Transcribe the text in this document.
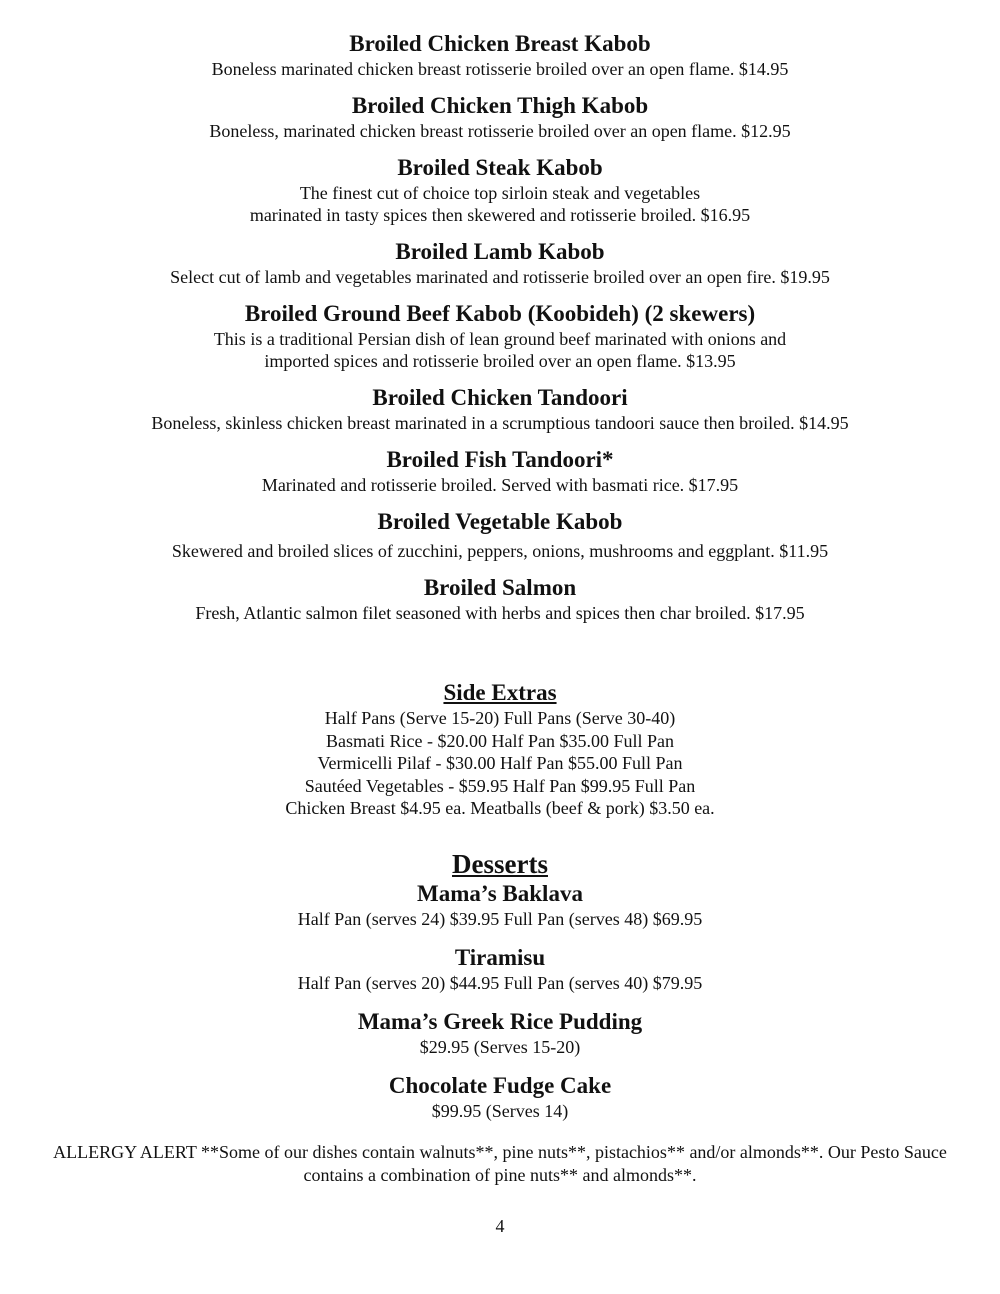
Broiled Chicken Breast Kabob

Boneless marinated chicken breast rotisserie broiled over an open flame. $14.95

Broiled Chicken Thigh Kabob

Boneless, marinated chicken breast rotisserie broiled over an open flame. $12.95

Broiled Steak Kabob

The finest cut of choice top sirloin steak and vegetables

marinated in tasty spices then skewered and rotisserie broiled. $16.95

Broiled Lamb Kabob

Select cut of lamb and vegetables marinated and rotisserie broiled over an open fire. $19.95

Broiled Ground Beef Kabob (Koobideh) (2 skewers)

This is a traditional Persian dish of lean ground beef marinated with onions and

imported spices and rotisserie broiled over an open flame. $13.95

Broiled Chicken Tandoori

Boneless, skinless chicken breast marinated in a scrumptious tandoori sauce then broiled. $14.95

Broiled Fish Tandoori*

Marinated and rotisserie broiled. Served with basmati rice. $17.95

Broiled Vegetable Kabob

Skewered and broiled slices of zucchini, peppers, onions, mushrooms and eggplant. $11.95

Broiled Salmon

Fresh, Atlantic salmon filet seasoned with herbs and spices then char broiled. $17.95

Side Extras

Half Pans (Serve 15-20) Full Pans (Serve 30-40)

Basmati Rice - $20.00 Half Pan $35.00 Full Pan

Vermicelli Pilaf - $30.00 Half Pan $55.00 Full Pan

Sautéed Vegetables - $59.95 Half Pan $99.95 Full Pan

Chicken Breast $4.95 ea. Meatballs (beef & pork) $3.50 ea.

Desserts

Mama’s Baklava

Half Pan (serves 24) $39.95 Full Pan (serves 48) $69.95

Tiramisu

Half Pan (serves 20) $44.95 Full Pan (serves 40) $79.95

Mama’s Greek Rice Pudding

$29.95 (Serves 15-20)

Chocolate Fudge Cake

$99.95 (Serves 14)

ALLERGY ALERT **Some of our dishes contain walnuts**, pine nuts**, pistachios** and/or almonds**. Our Pesto Sauce contains a combination of pine nuts** and almonds**.

4
